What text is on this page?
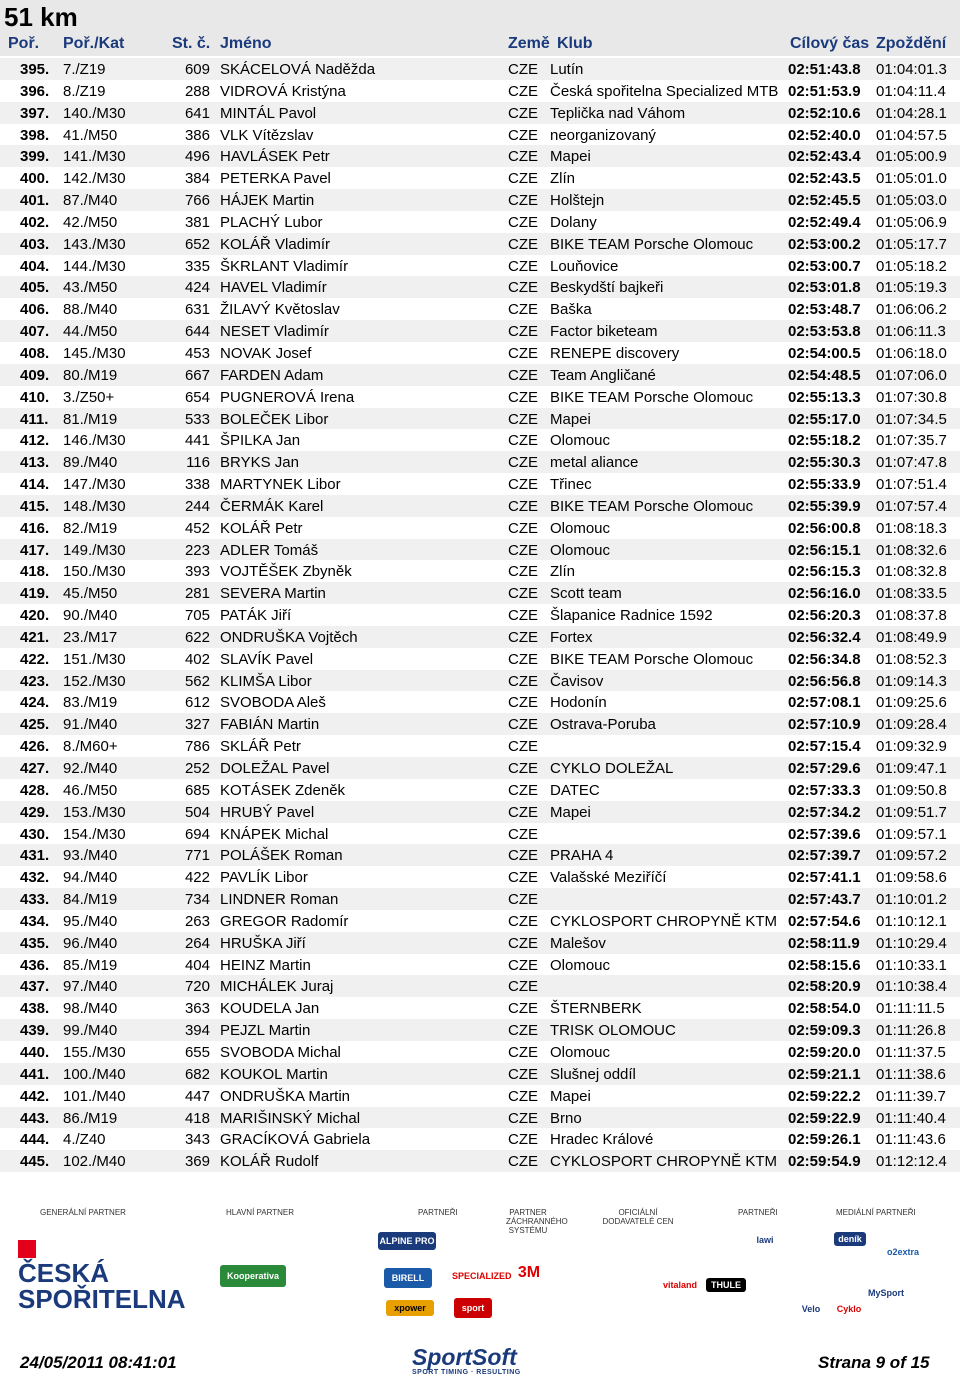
51 km
Poř. Poř./Kat	St. č. Jméno	Země Klub	Cílový čas Zpoždění
395. 7./Z19	609 SKÁCELOVÁ Naděžda	CZE Lutín	02:51:43.8 01:04:01.3
396. 8./Z19	288 VIDROVÁ Kristýna	CZE Česká spořitelna Specialized MTB 02:51:53.9 01:04:11.4
397. 140./M30	641 MINTÁL Pavol	CZE Teplička nad Váhom	02:52:10.6 01:04:28.1
398. 41./M50	386 VLK Vítězslav	CZE neorganizovaný	02:52:40.0 01:04:57.5
399. 141./M30	496 HAVLÁSEK Petr	CZE Mapei	02:52:43.4 01:05:00.9
400. 142./M30	384 PETERKA Pavel	CZE Zlín	02:52:43.5 01:05:01.0
401. 87./M40	766 HÁJEK Martin	CZE Holštejn	02:52:45.5 01:05:03.0
402. 42./M50	381 PLACHÝ Lubor	CZE Dolany	02:52:49.4 01:05:06.9
403. 143./M30	652 KOLÁŘ Vladimír	CZE BIKE TEAM Porsche Olomouc 02:53:00.2 01:05:17.7
404. 144./M30	335 ŠKRLANT Vladimír	CZE Louňovice	02:53:00.7 01:05:18.2
405. 43./M50	424 HAVEL Vladimír	CZE Beskydští bajkeři	02:53:01.8 01:05:19.3
406. 88./M40	631 ŽILAVÝ Květoslav	CZE Baška	02:53:48.7 01:06:06.2
407. 44./M50	644 NESET Vladimír	CZE Factor biketeam	02:53:53.8 01:06:11.3
408. 145./M30	453 NOVAK Josef	CZE RENEPE discovery	02:54:00.5 01:06:18.0
409. 80./M19	667 FARDEN Adam	CZE Team Angličané	02:54:48.5 01:07:06.0
410. 3./Z50+	654 PUGNEROVÁ Irena	CZE BIKE TEAM Porsche Olomouc 02:55:13.3 01:07:30.8
411. 81./M19	533 BOLEČEK Libor	CZE Mapei	02:55:17.0 01:07:34.5
412. 146./M30	441 ŠPILKA Jan	CZE Olomouc	02:55:18.2 01:07:35.7
413. 89./M40	116 BRYKS Jan	CZE metal aliance	02:55:30.3 01:07:47.8
414. 147./M30	338 MARTYNEK Libor	CZE Třinec	02:55:33.9 01:07:51.4
415. 148./M30	244 ČERMÁK Karel	CZE BIKE TEAM Porsche Olomouc 02:55:39.9 01:07:57.4
416. 82./M19	452 KOLÁŘ Petr	CZE Olomouc	02:56:00.8 01:08:18.3
417. 149./M30	223 ADLER Tomáš	CZE Olomouc	02:56:15.1 01:08:32.6
418. 150./M30	393 VOJTĚŠEK Zbyněk	CZE Zlín	02:56:15.3 01:08:32.8
419. 45./M50	281 SEVERA Martin	CZE Scott team	02:56:16.0 01:08:33.5
420. 90./M40	705 PATÁK Jiří	CZE Šlapanice Radnice 1592	02:56:20.3 01:08:37.8
421. 23./M17	622 ONDRUŠKA Vojtěch	CZE Fortex	02:56:32.4 01:08:49.9
422. 151./M30	402 SLAVÍK Pavel	CZE BIKE TEAM Porsche Olomouc 02:56:34.8 01:08:52.3
423. 152./M30	562 KLIMŠA Libor	CZE Čavisov	02:56:56.8 01:09:14.3
424. 83./M19	612 SVOBODA Aleš	CZE Hodonín	02:57:08.1 01:09:25.6
425. 91./M40	327 FABIÁN Martin	CZE Ostrava-Poruba	02:57:10.9 01:09:28.4
426. 8./M60+	786 SKLÁŘ Petr	CZE	02:57:15.4 01:09:32.9
427. 92./M40	252 DOLEŽAL Pavel	CZE CYKLO DOLEŽAL	02:57:29.6 01:09:47.1
428. 46./M50	685 KOTÁSEK Zdeněk	CZE DATEC	02:57:33.3 01:09:50.8
429. 153./M30	504 HRUBÝ Pavel	CZE Mapei	02:57:34.2 01:09:51.7
430. 154./M30	694 KNÁPEK Michal	CZE	02:57:39.6 01:09:57.1
431. 93./M40	771 POLÁŠEK Roman	CZE PRAHA 4	02:57:39.7 01:09:57.2
432. 94./M40	422 PAVLÍK Libor	CZE Valašské Meziříčí	02:57:41.1 01:09:58.6
433. 84./M19	734 LINDNER Roman	CZE	02:57:43.7 01:10:01.2
434. 95./M40	263 GREGOR Radomír	CZE CYKLOSPORT CHROPYNĚ KTM 02:57:54.6 01:10:12.1
435. 96./M40	264 HRUŠKA Jiří	CZE Malešov	02:58:11.9 01:10:29.4
436. 85./M19	404 HEINZ Martin	CZE Olomouc	02:58:15.6 01:10:33.1
437. 97./M40	720 MICHÁLEK Juraj	CZE	02:58:20.9 01:10:38.4
438. 98./M40	363 KOUDELA Jan	CZE ŠTERNBERK	02:58:54.0 01:11:11.5
439. 99./M40	394 PEJZL Martin	CZE TRISK OLOMOUC	02:59:09.3 01:11:26.8
440. 155./M30	655 SVOBODA Michal	CZE Olomouc	02:59:20.0 01:11:37.5
441. 100./M40	682 KOUKOL Martin	CZE Slušnej oddíl	02:59:21.1 01:11:38.6
442. 101./M40	447 ONDRUŠKA Martin	CZE Mapei	02:59:22.2 01:11:39.7
443. 86./M19	418 MARIŠINSKÝ Michal	CZE Brno	02:59:22.9 01:11:40.4
444. 4./Z40	343 GRACÍKOVÁ Gabriela	CZE Hradec Králové	02:59:26.1 01:11:43.6
445. 102./M40	369 KOLÁŘ Rudolf	CZE CYKLOSPORT CHROPYNĚ KTM 02:59:54.9 01:12:12.4
GENERÁLNÍ PARTNER	HLAVNÍ PARTNER	PARTNEŘI	PARTNER ZÁCHRANNÉHO SYSTÉMU
OFICIÁLNÍ DODAVATELÉ CEN
PARTNEŘI	MEDIÁLNÍ PARTNEŘI
ČESKÁ SPOŘITELNA
Kooperativa
ALPINE PRO
BIRELL
xpower
SPECIALIZED 3M
lawi
o2extra
deník
THULE
vitaland
Velo	Cyklo
MySport
sport obchod
24/05/2011 08:41:01	SportSoft
SPORT TIMING · RESULTING
Strana 9 of 15
